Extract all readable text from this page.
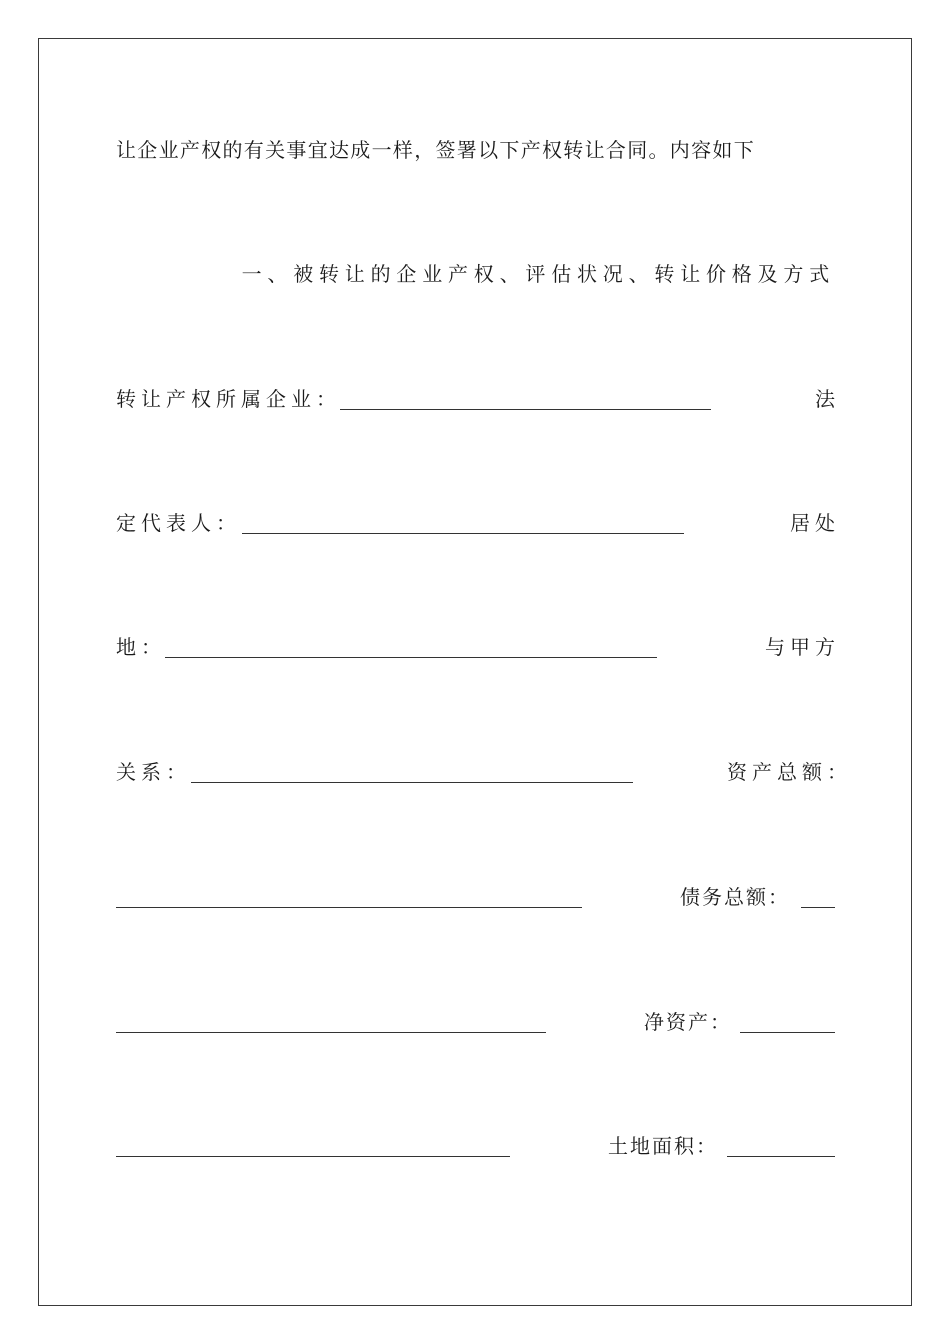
让企业产权的有关事宜达成一样，签署以下产权转让合同。内容如下
一、被转让的企业产权、评估状况、转让价格及方式
转让产权所属企业：	法
定代表人：	居处
地：	与甲方
关系：	资产总额：
债务总额：
净资产：
土地面积：
